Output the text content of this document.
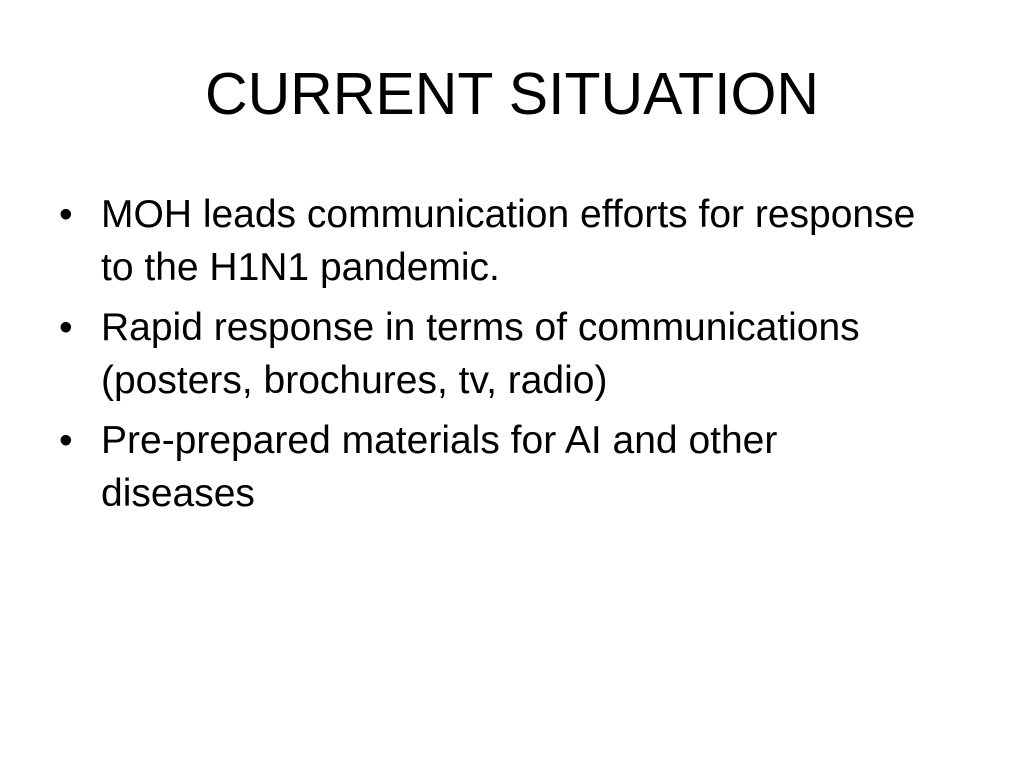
CURRENT SITUATION
• MOH leads communication efforts for response to the H1N1 pandemic.
• Rapid response in terms of communications (posters, brochures, tv, radio)
• Pre-prepared materials for AI and other diseases
